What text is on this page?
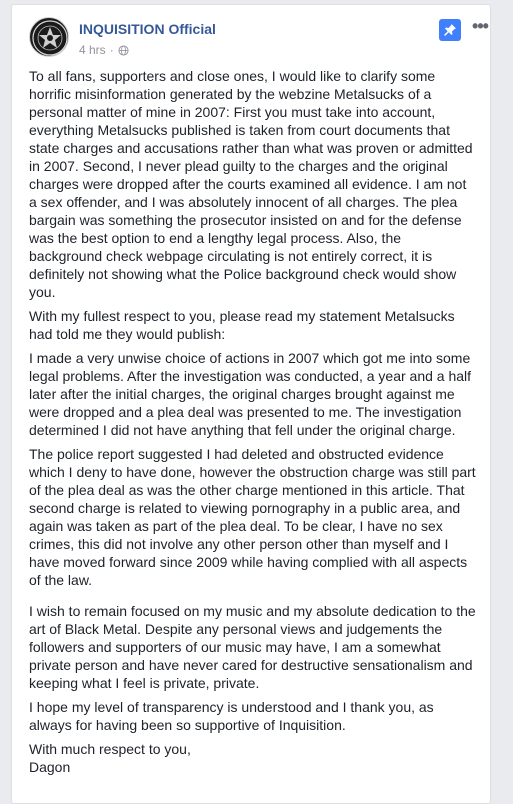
INQUISITION Official
4 hrs ·
•••

To all fans, supporters and close ones, I would like to clarify some horrific misinformation generated by the webzine Metalsucks of a personal matter of mine in 2007: First you must take into account, everything Metalsucks published is taken from court documents that state charges and accusations rather than what was proven or admitted in 2007. Second, I never plead guilty to the charges and the original charges were dropped after the courts examined all evidence. I am not a sex offender, and I was absolutely innocent of all charges. The plea bargain was something the prosecutor insisted on and for the defense was the best option to end a lengthy legal process. Also, the background check webpage circulating is not entirely correct, it is definitely not showing what the Police background check would show you.

With my fullest respect to you, please read my statement Metalsucks had told me they would publish:

I made a very unwise choice of actions in 2007 which got me into some legal problems. After the investigation was conducted, a year and a half later after the initial charges, the original charges brought against me were dropped and a plea deal was presented to me. The investigation determined I did not have anything that fell under the original charge.

The police report suggested I had deleted and obstructed evidence which I deny to have done, however the obstruction charge was still part of the plea deal as was the other charge mentioned in this article. That second charge is related to viewing pornography in a public area, and again was taken as part of the plea deal. To be clear, I have no sex crimes, this did not involve any other person other than myself and I have moved forward since 2009 while having complied with all aspects of the law.

I wish to remain focused on my music and my absolute dedication to the art of Black Metal. Despite any personal views and judgements the followers and supporters of our music may have, I am a somewhat private person and have never cared for destructive sensationalism and keeping what I feel is private, private.

I hope my level of transparency is understood and I thank you, as always for having been so supportive of Inquisition.

With much respect to you,

Dagon
